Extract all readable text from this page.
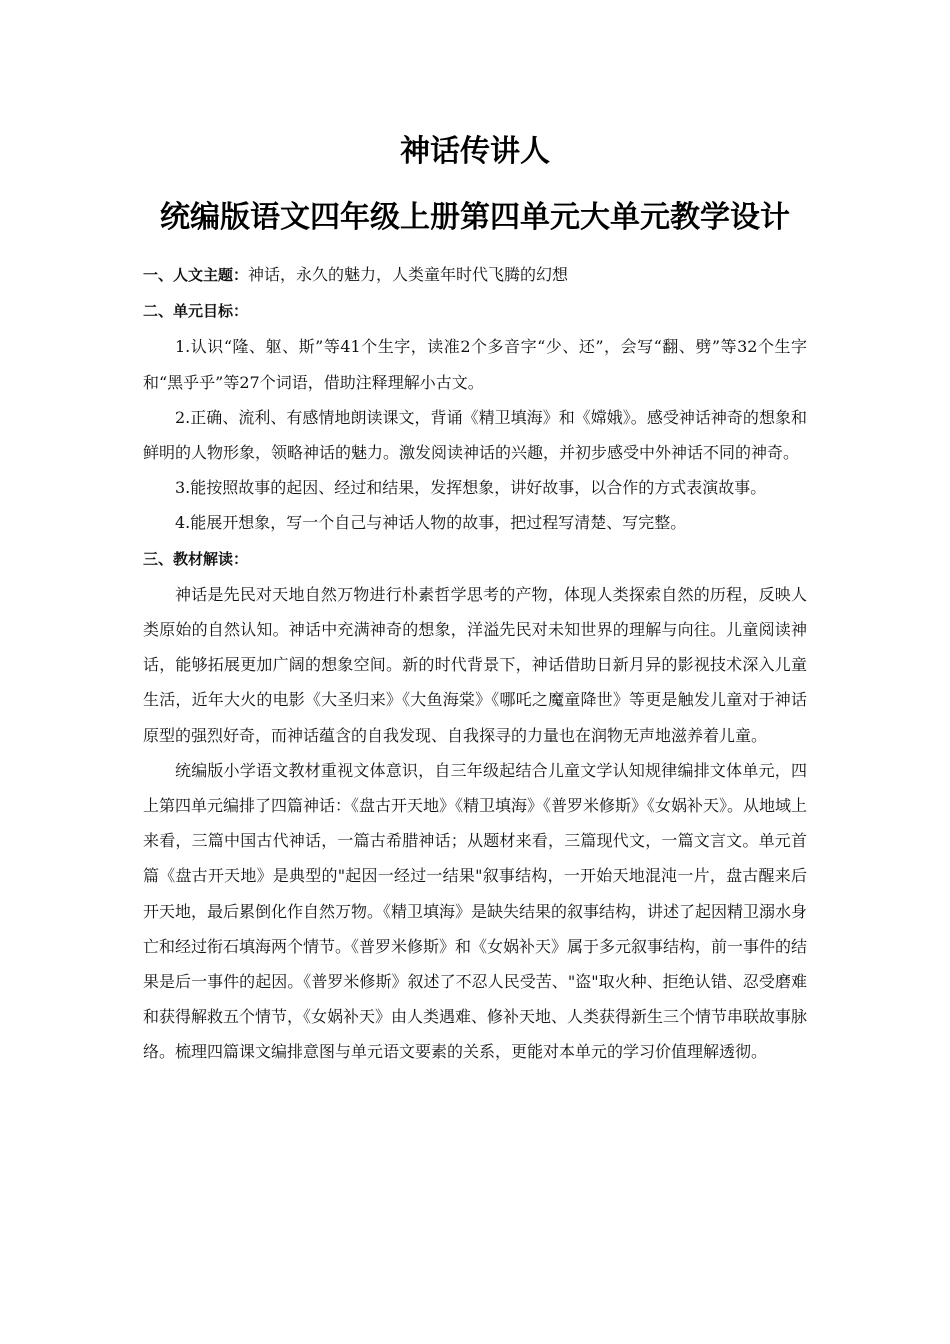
神话传讲人
统编版语文四年级上册第四单元大单元教学设计

一、人文主题：神话，永久的魅力，人类童年时代飞腾的幻想

二、单元目标：

1.认识“隆、躯、斯”等41个生字，读准2个多音字“少、还”，会写“翻、劈”等32个生字和“黑乎乎”等27个词语，借助注释理解小古文。

2.正确、流利、有感情地朗读课文，背诵《精卫填海》和《嫦娥》。感受神话神奇的想象和鲜明的人物形象，领略神话的魅力。激发阅读神话的兴趣，并初步感受中外神话不同的神奇。

3.能按照故事的起因、经过和结果，发挥想象，讲好故事，以合作的方式表演故事。

4.能展开想象，写一个自己与神话人物的故事，把过程写清楚、写完整。

三、教材解读：

神话是先民对天地自然万物进行朴素哲学思考的产物，体现人类探索自然的历程，反映人类原始的自然认知。神话中充满神奇的想象，洋溢先民对未知世界的理解与向往。儿童阅读神话，能够拓展更加广阔的想象空间。新的时代背景下，神话借助日新月异的影视技术深入儿童生活，近年大火的电影《大圣归来》《大鱼海棠》《哪吒之魔童降世》等更是触发儿童对于神话原型的强烈好奇，而神话蕴含的自我发现、自我探寻的力量也在润物无声地滋养着儿童。

统编版小学语文教材重视文体意识，自三年级起结合儿童文学认知规律编排文体单元，四上第四单元编排了四篇神话：《盘古开天地》《精卫填海》《普罗米修斯》《女娲补天》。从地域上来看，三篇中国古代神话，一篇古希腊神话；从题材来看，三篇现代文，一篇文言文。单元首篇《盘古开天地》是典型的"起因一经过一结果"叙事结构，一开始天地混沌一片，盘古醒来后开天地，最后累倒化作自然万物。《精卫填海》是缺失结果的叙事结构，讲述了起因精卫溺水身亡和经过衔石填海两个情节。《普罗米修斯》和《女娲补天》属于多元叙事结构，前一事件的结果是后一事件的起因。《普罗米修斯》叙述了不忍人民受苦、"盗"取火种、拒绝认错、忍受磨难和获得解救五个情节，《女娲补天》由人类遇难、修补天地、人类获得新生三个情节串联故事脉络。梳理四篇课文编排意图与单元语文要素的关系，更能对本单元的学习价值理解透彻。
